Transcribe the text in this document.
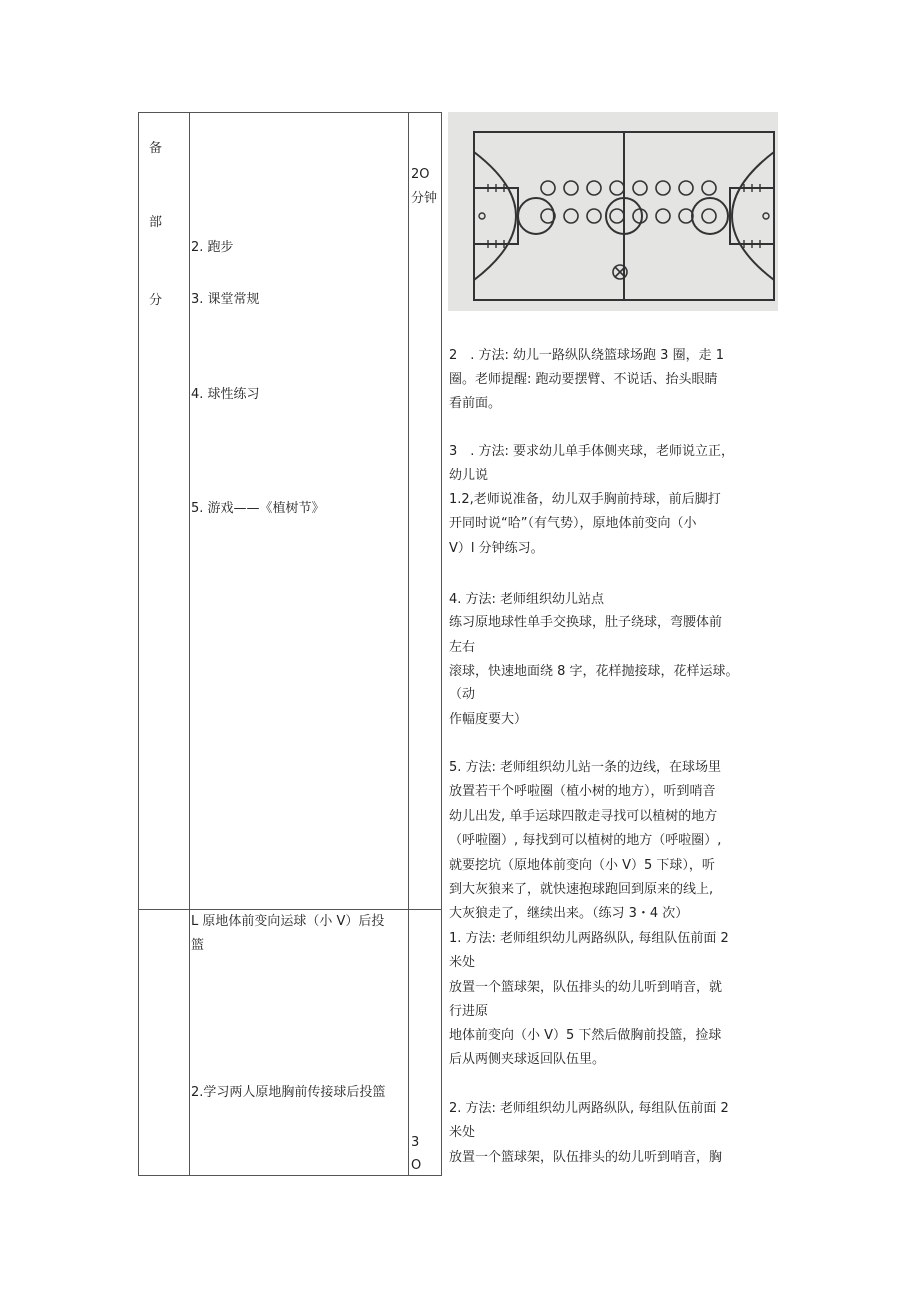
备
部
分
2. 跑步
3. 课堂常规
4. 球性练习
5. 游戏——《植树节》
L 原地体前变向运球（小 V）后投
篮
2.学习两人原地胸前传接球后投篮
2O
分钟
3
O
2　. 方法: 幼儿一路纵队绕篮球场跑 3 圈，走 1
圈。老师提醒: 跑动要摆臂、不说话、抬头眼睛
看前面。
3　. 方法: 要求幼儿单手体侧夹球，老师说立正，
幼儿说
1.2,老师说准备，幼儿双手胸前持球，前后脚打
开同时说“哈”（有气势），原地体前变向（小
V）l 分钟练习。
4. 方法: 老师组织幼儿站点
练习原地球性单手交换球，肚子绕球，弯腰体前
左右
滚球，快速地面绕 8 字，花样抛接球，花样运球。
（动
作幅度要大）
5. 方法: 老师组织幼儿站一条的边线，在球场里
放置若干个呼啦圈（植小树的地方），听到哨音
幼儿出发, 单手运球四散走寻找可以植树的地方
（呼啦圈）, 每找到可以植树的地方（呼啦圈）,
就要挖坑（原地体前变向（小 V）5 下球），听
到大灰狼来了，就快速抱球跑回到原来的线上,
大灰狼走了，继续出来。（练习 3・4 次）
1. 方法: 老师组织幼儿两路纵队, 每组队伍前面 2
米处
放置一个篮球架，队伍排头的幼儿听到哨音，就
行进原
地体前变向（小 V）5 下然后做胸前投篮，捡球
后从两侧夹球返回队伍里。
2. 方法: 老师组织幼儿两路纵队, 每组队伍前面 2
米处
放置一个篮球架，队伍排头的幼儿听到哨音，胸
